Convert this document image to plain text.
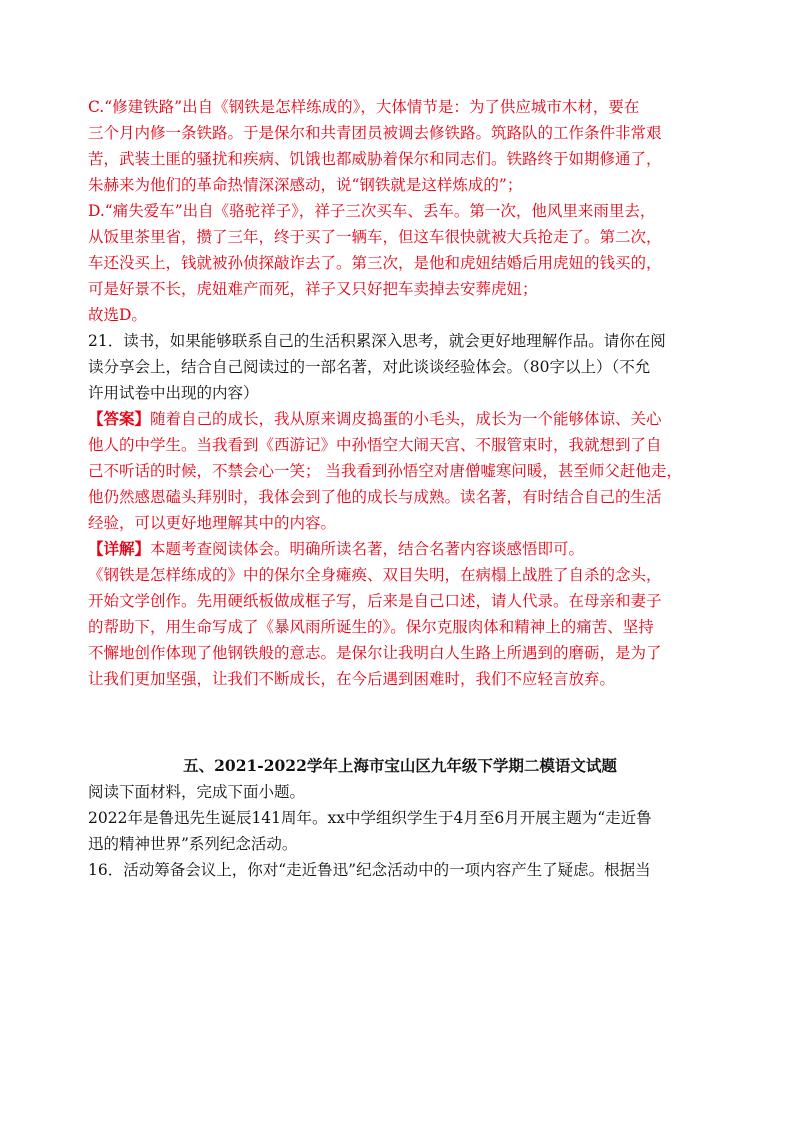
C.“修建铁路”出自《钢铁是怎样练成的》，大体情节是：为了供应城市木材，要在
三个月内修一条铁路。于是保尔和共青团员被调去修铁路。筑路队的工作条件非常艰
苦，武装土匪的骚扰和疾病、饥饿也都威胁着保尔和同志们。铁路终于如期修通了，
朱赫来为他们的革命热情深深感动，说“钢铁就是这样炼成的”；
D.“痛失爱车”出自《骆驼祥子》，祥子三次买车、丢车。第一次，他风里来雨里去，
从饭里茶里省，攒了三年，终于买了一辆车，但这车很快就被大兵抢走了。第二次，
车还没买上，钱就被孙侦探敲诈去了。第三次，是他和虎妞结婚后用虎妞的钱买的，
可是好景不长，虎妞难产而死，祥子又只好把车卖掉去安葬虎妞；
故选D。
21．读书，如果能够联系自己的生活积累深入思考，就会更好地理解作品。请你在阅
读分享会上，结合自己阅读过的一部名著，对此谈谈经验体会。（80字以上）（不允
许用试卷中出现的内容）
【答案】随着自己的成长，我从原来调皮捣蛋的小毛头，成长为一个能够体谅、关心
他人的中学生。当我看到《西游记》中孙悟空大闹天宫、不服管束时，我就想到了自
己不听话的时候，不禁会心一笑； 当我看到孙悟空对唐僧嘘寒问暖，甚至师父赶他走，
他仍然感恩磕头拜别时，我体会到了他的成长与成熟。读名著，有时结合自己的生活
经验，可以更好地理解其中的内容。
【详解】本题考查阅读体会。明确所读名著，结合名著内容谈感悟即可。
《钢铁是怎样练成的》中的保尔全身瘫痪、双目失明，在病榻上战胜了自杀的念头，
开始文学创作。先用硬纸板做成框子写，后来是自己口述，请人代录。在母亲和妻子
的帮助下，用生命写成了《暴风雨所诞生的》。保尔克服肉体和精神上的痛苦、坚持
不懈地创作体现了他钢铁般的意志。是保尔让我明白人生路上所遇到的磨砺，是为了
让我们更加坚强，让我们不断成长，在今后遇到困难时，我们不应轻言放弃。
五、2021-2022学年上海市宝山区九年级下学期二模语文试题
阅读下面材料，完成下面小题。
2022年是鲁迅先生诞辰141周年。xx中学组织学生于4月至6月开展主题为“走近鲁
迅的精神世界”系列纪念活动。
16．活动筹备会议上，你对“走近鲁迅”纪念活动中的一项内容产生了疑虑。根据当
